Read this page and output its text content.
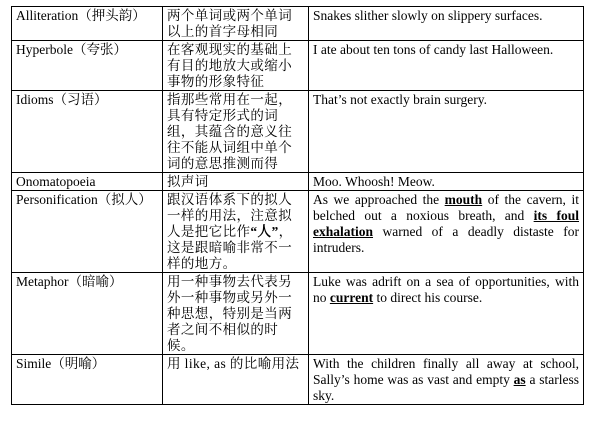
Alliteration（押头韵）	两个单词或两个单词以上的首字母相同	Snakes slither slowly on slippery surfaces.

Hyperbole（夸张）	在客观现实的基础上有目的地放大或缩小事物的形象特征	I ate about ten tons of candy last Halloween.

Idioms（习语）	指那些常用在一起，具有特定形式的词组，其蕴含的意义往往不能从词组中单个词的意思推测而得	That’s not exactly brain surgery.

Onomatopoeia	拟声词	Moo. Whoosh! Meow.

Personification（拟人）	跟汉语体系下的拟人一样的用法，注意拟人是把它比作“人”，这是跟暗喻非常不一样的地方。	As we approached the mouth of the cavern, it belched out a noxious breath, and its foul exhalation warned of a deadly distaste for intruders.

Metaphor（暗喻）	用一种事物去代表另外一种事物或另外一种思想，特别是当两者之间不相似的时候。	Luke was adrift on a sea of opportunities, with no current to direct his course.

Simile（明喻）	用 like, as 的比喻用法	With the children finally all away at school, Sally’s home was as vast and empty as a starless sky.
